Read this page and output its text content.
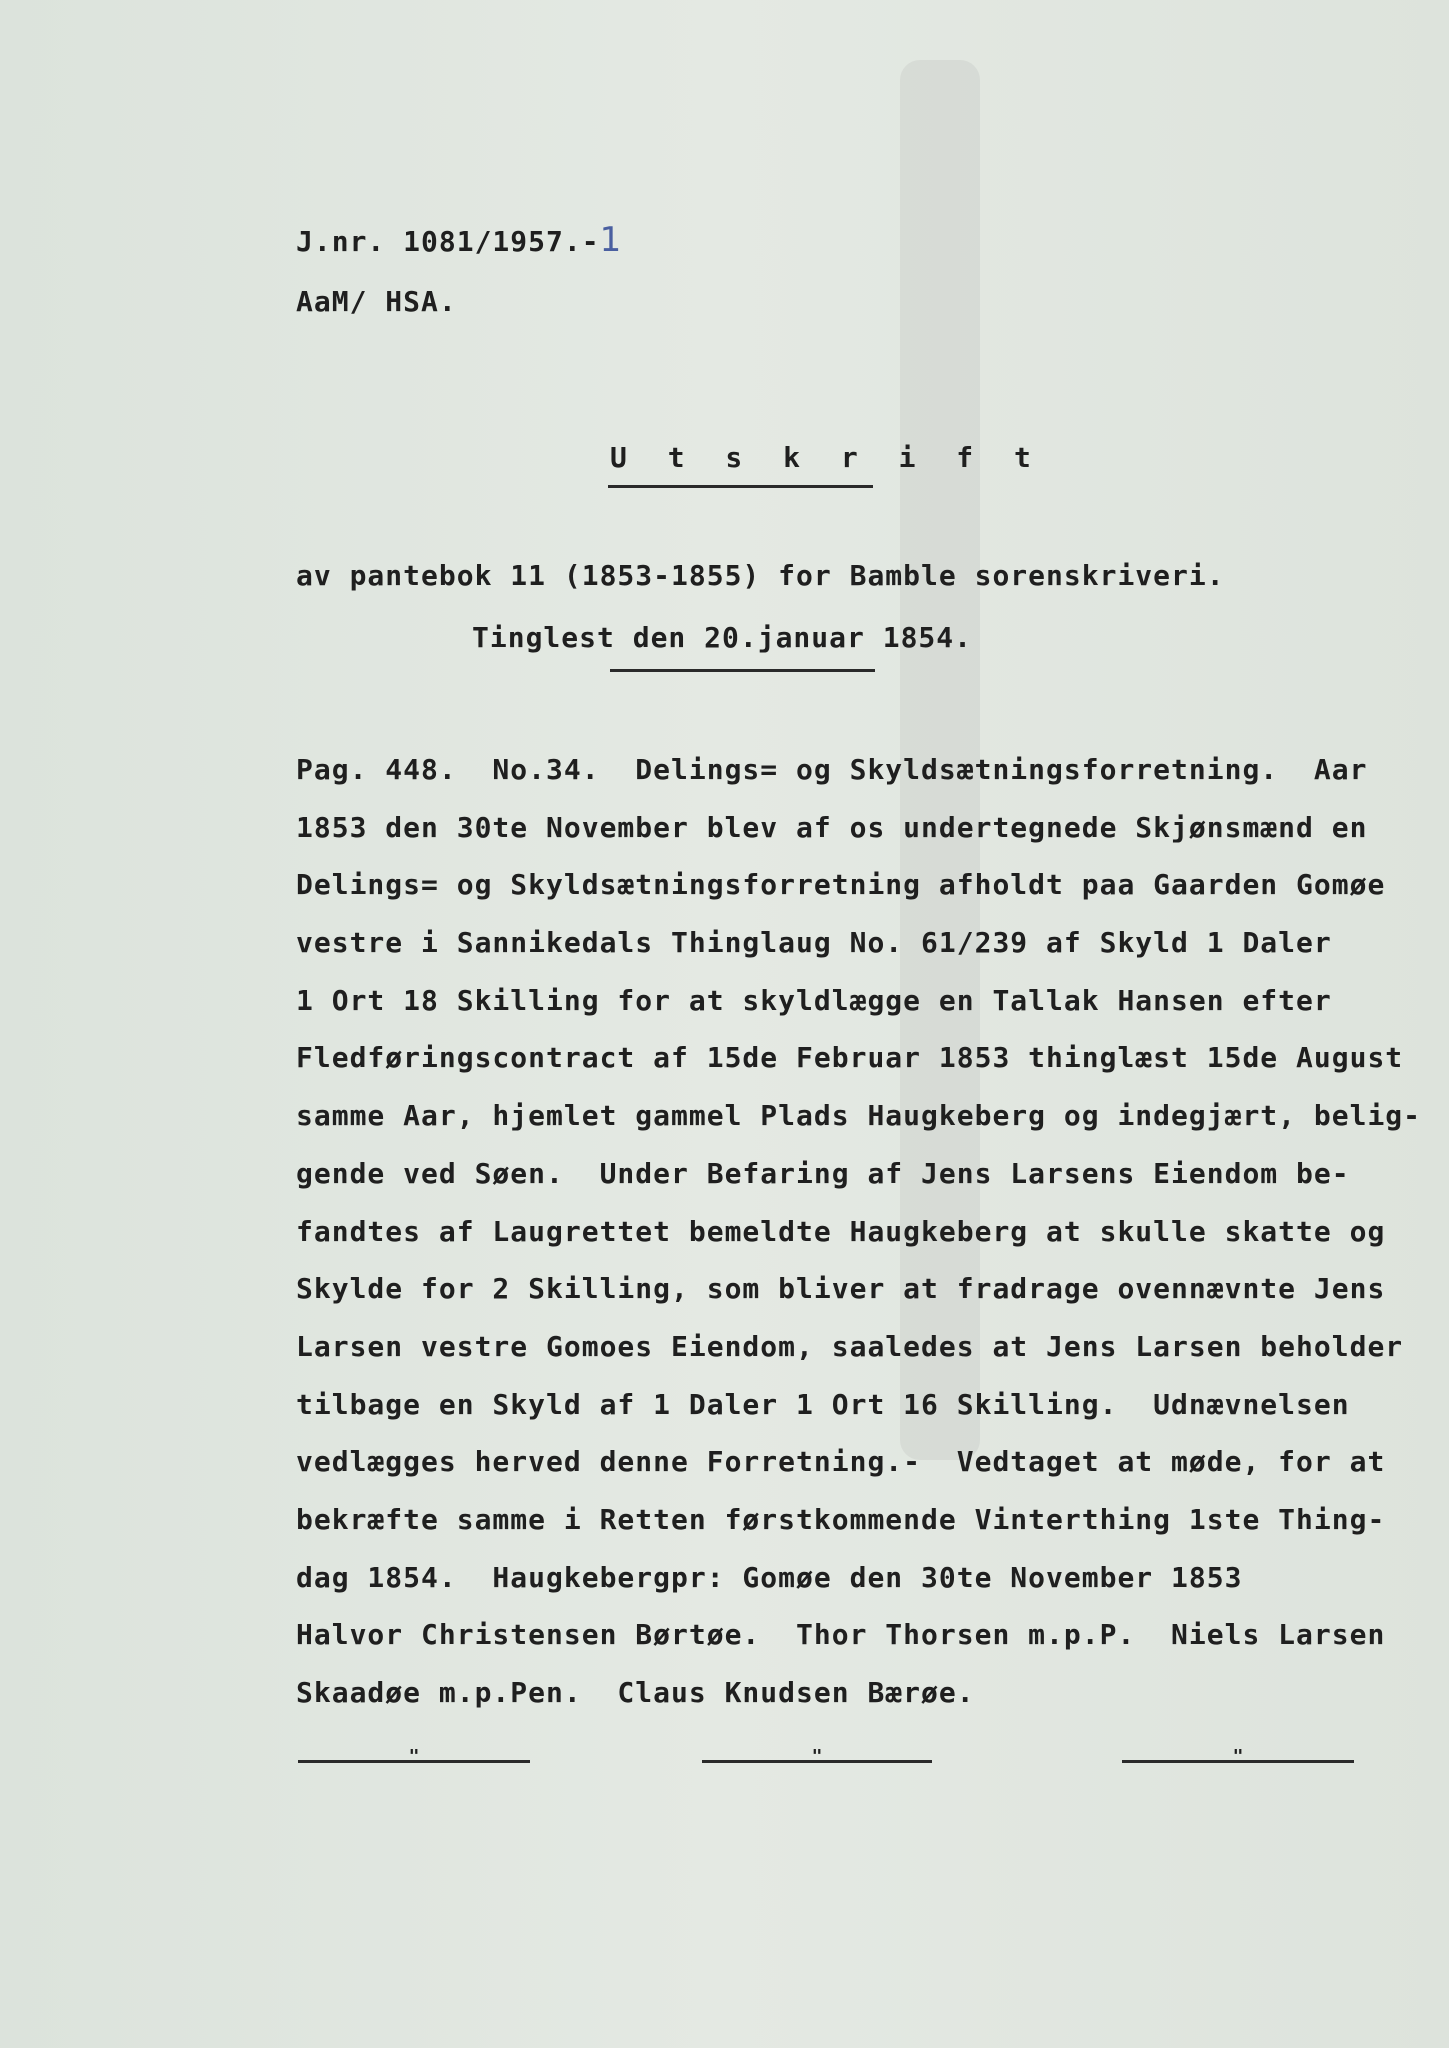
J.nr. 1081/1957.-1
AaM/ HSA.
U t s k r i f t
av pantebok 11 (1853-1855) for Bamble sorenskriveri.
Tinglest den 20.januar 1854.
Pag. 448.  No.34.  Delings= og Skyldsætningsforretning.  Aar
1853 den 30te November blev af os undertegnede Skjønsmænd en
Delings= og Skyldsætningsforretning afholdt paa Gaarden Gomøe
vestre i Sannikedals Thinglaug No. 61/239 af Skyld 1 Daler
1 Ort 18 Skilling for at skyldlægge en Tallak Hansen efter
Fledføringscontract af 15de Februar 1853 thinglæst 15de August
samme Aar, hjemlet gammel Plads Haugkeberg og indegjært, belig-
gende ved Søen.  Under Befaring af Jens Larsens Eiendom be-
fandtes af Laugrettet bemeldte Haugkeberg at skulle skatte og
Skylde for 2 Skilling, som bliver at fradrage ovennævnte Jens
Larsen vestre Gomoes Eiendom, saaledes at Jens Larsen beholder
tilbage en Skyld af 1 Daler 1 Ort 16 Skilling.  Udnævnelsen
vedlægges herved denne Forretning.-  Vedtaget at møde, for at
bekræfte samme i Retten førstkommende Vinterthing 1ste Thing-
dag 1854.  Haugkebergpr: Gomøe den 30te November 1853
Halvor Christensen Børtøe.  Thor Thorsen m.p.P.  Niels Larsen
Skaadøe m.p.Pen.  Claus Knudsen Bærøe.
"	"	"
